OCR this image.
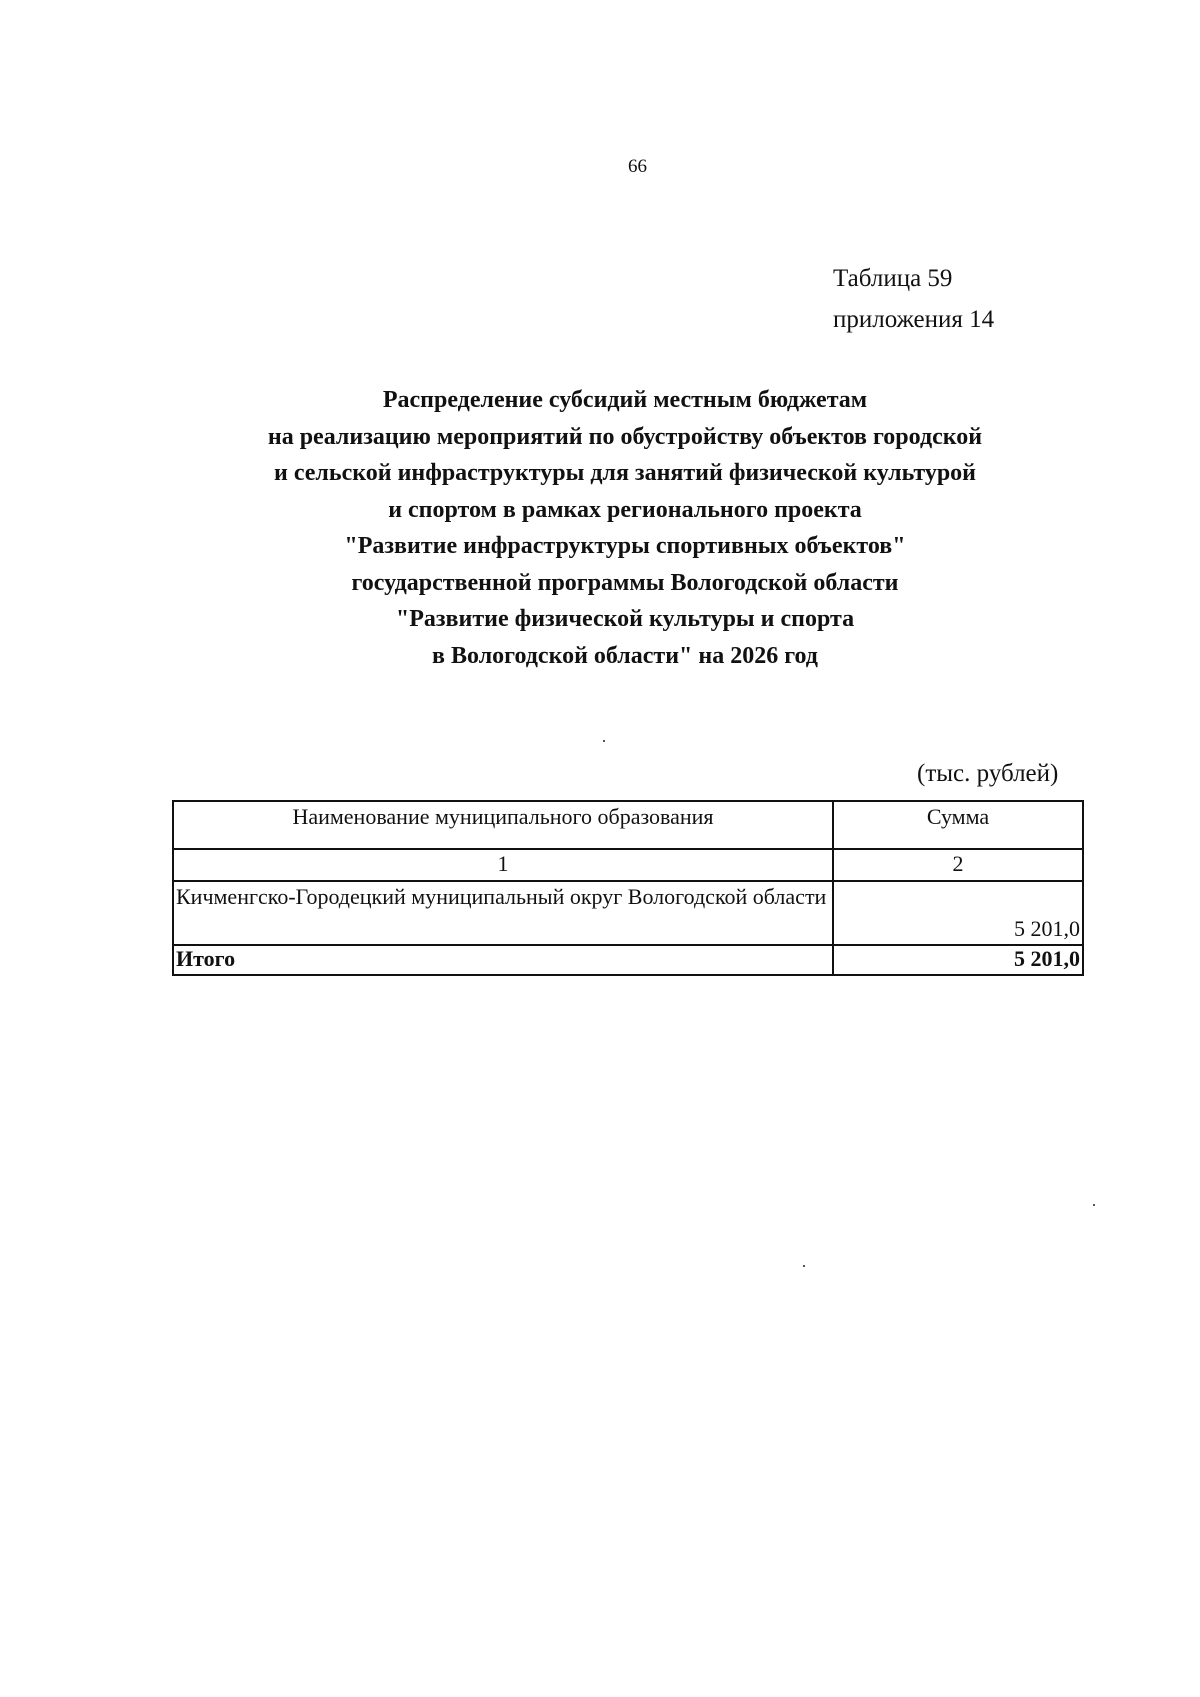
66
Таблица 59
приложения 14
Распределение субсидий местным бюджетам
на реализацию мероприятий по обустройству объектов городской
и сельской инфраструктуры для занятий физической культурой
и спортом в рамках регионального проекта
"Развитие инфраструктуры спортивных объектов"
государственной программы Вологодской области
"Развитие физической культуры и спорта
в Вологодской области" на 2026 год
(тыс. рублей)
Наименование муниципального образования	Сумма
1	2
Кичменгско-Городецкий муниципальный округ Вологодской области	5 201,0
Итого	5 201,0
